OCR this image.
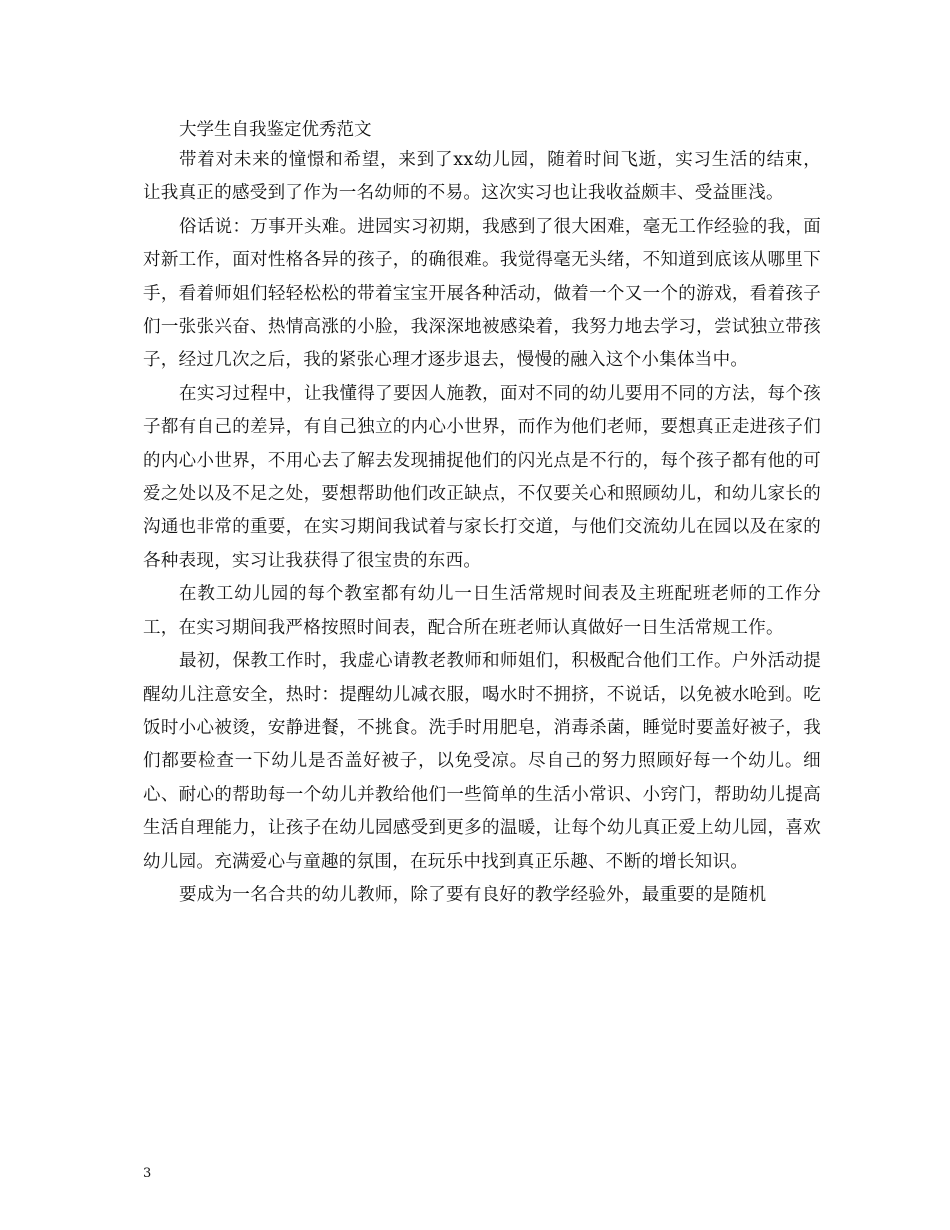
大学生自我鉴定优秀范文

带着对未来的憧憬和希望，来到了xx幼儿园，随着时间飞逝，实习生活的结束，让我真正的感受到了作为一名幼师的不易。这次实习也让我收益颇丰、受益匪浅。

俗话说：万事开头难。进园实习初期，我感到了很大困难，毫无工作经验的我，面对新工作，面对性格各异的孩子，的确很难。我觉得毫无头绪，不知道到底该从哪里下手，看着师姐们轻轻松松的带着宝宝开展各种活动，做着一个又一个的游戏，看着孩子们一张张兴奋、热情高涨的小脸，我深深地被感染着，我努力地去学习，尝试独立带孩子，经过几次之后，我的紧张心理才逐步退去，慢慢的融入这个小集体当中。

在实习过程中，让我懂得了要因人施教，面对不同的幼儿要用不同的方法，每个孩子都有自己的差异，有自己独立的内心小世界，而作为他们老师，要想真正走进孩子们的内心小世界，不用心去了解去发现捕捉他们的闪光点是不行的，每个孩子都有他的可爱之处以及不足之处，要想帮助他们改正缺点，不仅要关心和照顾幼儿，和幼儿家长的沟通也非常的重要，在实习期间我试着与家长打交道，与他们交流幼儿在园以及在家的各种表现，实习让我获得了很宝贵的东西。

在教工幼儿园的每个教室都有幼儿一日生活常规时间表及主班配班老师的工作分工，在实习期间我严格按照时间表，配合所在班老师认真做好一日生活常规工作。

最初，保教工作时，我虚心请教老教师和师姐们，积极配合他们工作。户外活动提醒幼儿注意安全，热时：提醒幼儿减衣服，喝水时不拥挤，不说话，以免被水呛到。吃饭时小心被烫，安静进餐，不挑食。洗手时用肥皂，消毒杀菌，睡觉时要盖好被子，我们都要检查一下幼儿是否盖好被子，以免受凉。尽自己的努力照顾好每一个幼儿。细心、耐心的帮助每一个幼儿并教给他们一些简单的生活小常识、小窍门，帮助幼儿提高生活自理能力，让孩子在幼儿园感受到更多的温暖，让每个幼儿真正爱上幼儿园，喜欢幼儿园。充满爱心与童趣的氛围，在玩乐中找到真正乐趣、不断的增长知识。

要成为一名合共的幼儿教师，除了要有良好的教学经验外，最重要的是随机

3
